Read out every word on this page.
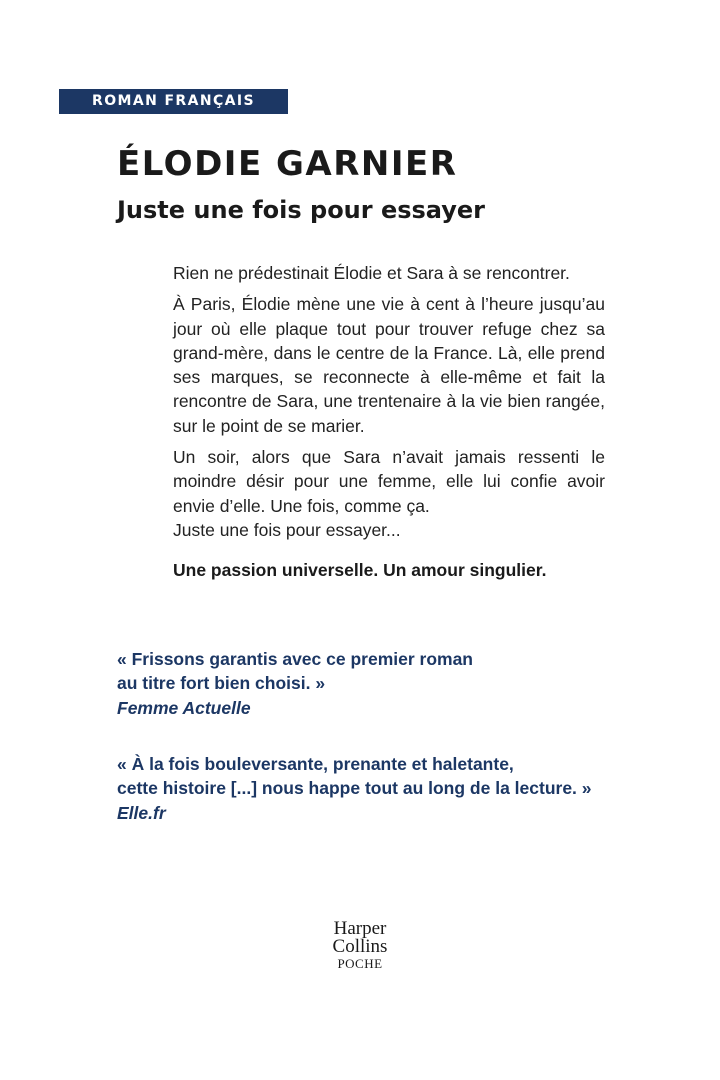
ROMAN FRANÇAIS
ÉLODIE GARNIER
Juste une fois pour essayer

Rien ne prédestinait Élodie et Sara à se rencontrer.

À Paris, Élodie mène une vie à cent à l’heure jusqu’au jour où elle plaque tout pour trouver refuge chez sa grand-mère, dans le centre de la France. Là, elle prend ses marques, se reconnecte à elle-même et fait la rencontre de Sara, une trentenaire à la vie bien rangée, sur le point de se marier.

Un soir, alors que Sara n’avait jamais ressenti le moindre désir pour une femme, elle lui confie avoir envie d’elle. Une fois, comme ça.

Juste une fois pour essayer...

Une passion universelle. Un amour singulier.

« Frissons garantis avec ce premier roman
au titre fort bien choisi. »
Femme Actuelle
« À la fois bouleversante, prenante et haletante,
cette histoire [...] nous happe tout au long de la lecture. »
Elle.fr
Harper
Collins
POCHE
